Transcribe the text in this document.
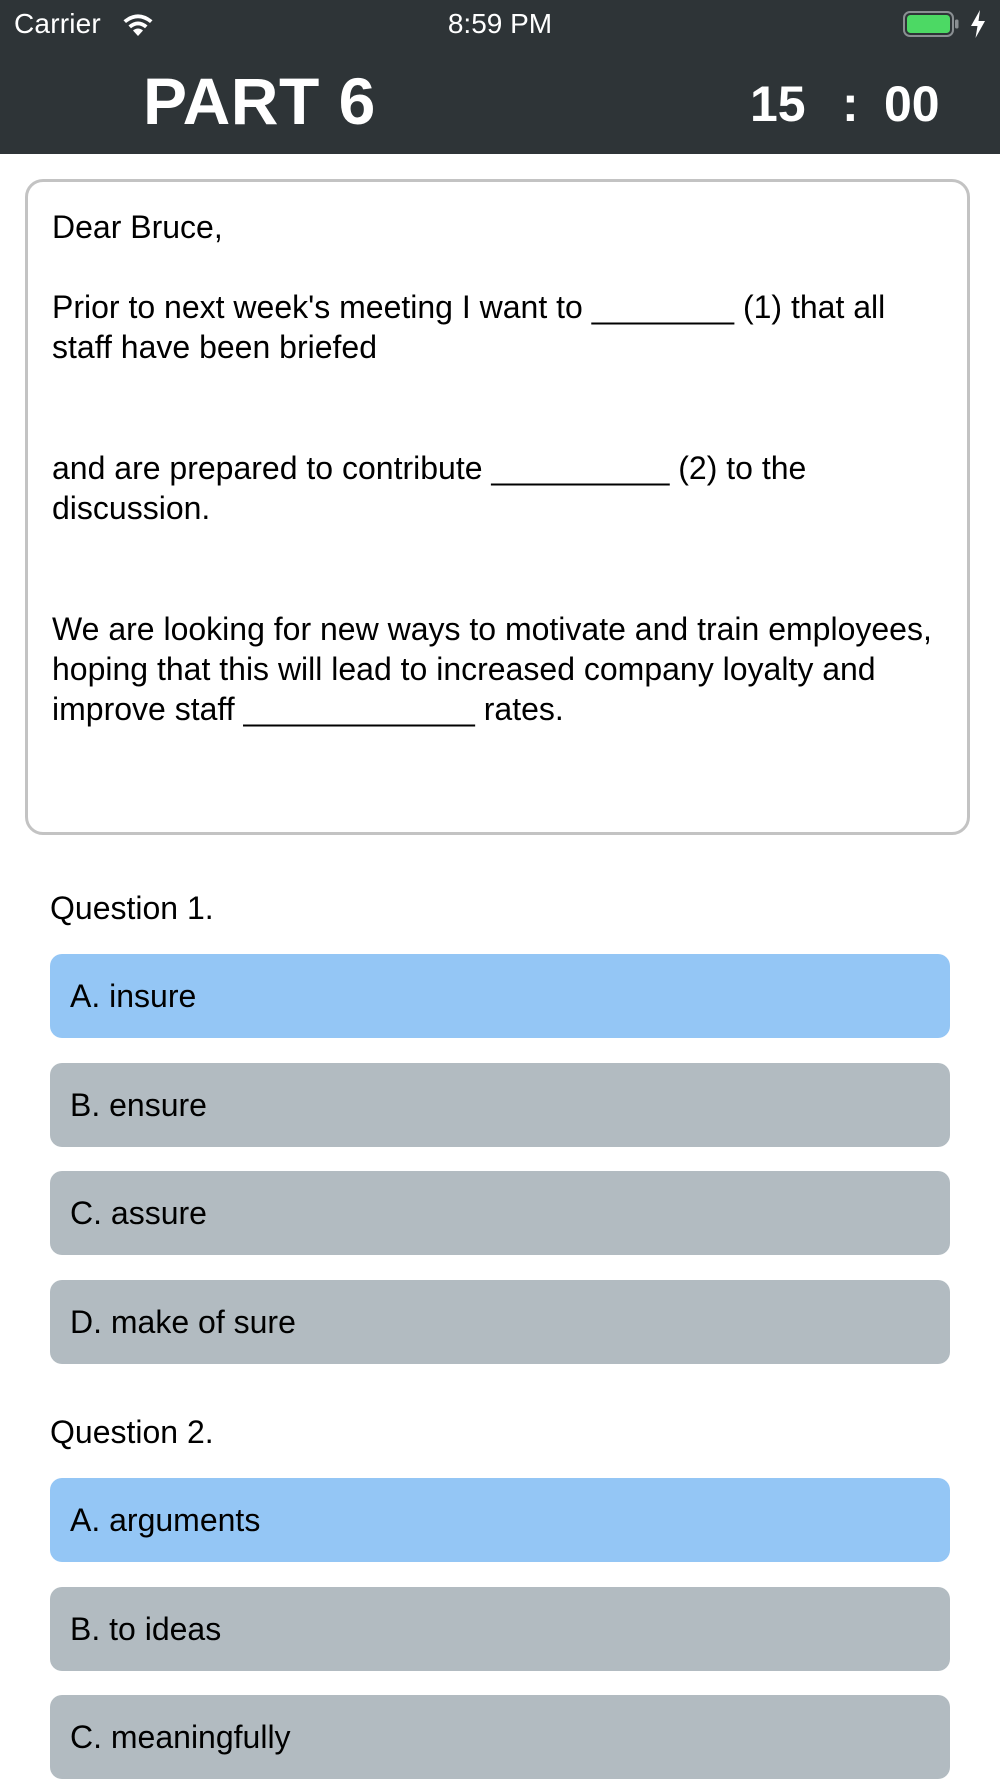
Carrier	8:59 PM
PART 6	15 : 00
Dear Bruce,
Prior to next week's meeting I want to ________ (1) that all staff have been briefed
and are prepared to contribute __________ (2) to the discussion.
We are looking for new ways to motivate and train employees, hoping that this will lead to increased company loyalty and improve staff _____________ rates.
Question 1.
A. insure
B. ensure
C. assure
D. make of sure
Question 2.
A. arguments
B. to ideas
C. meaningfully
